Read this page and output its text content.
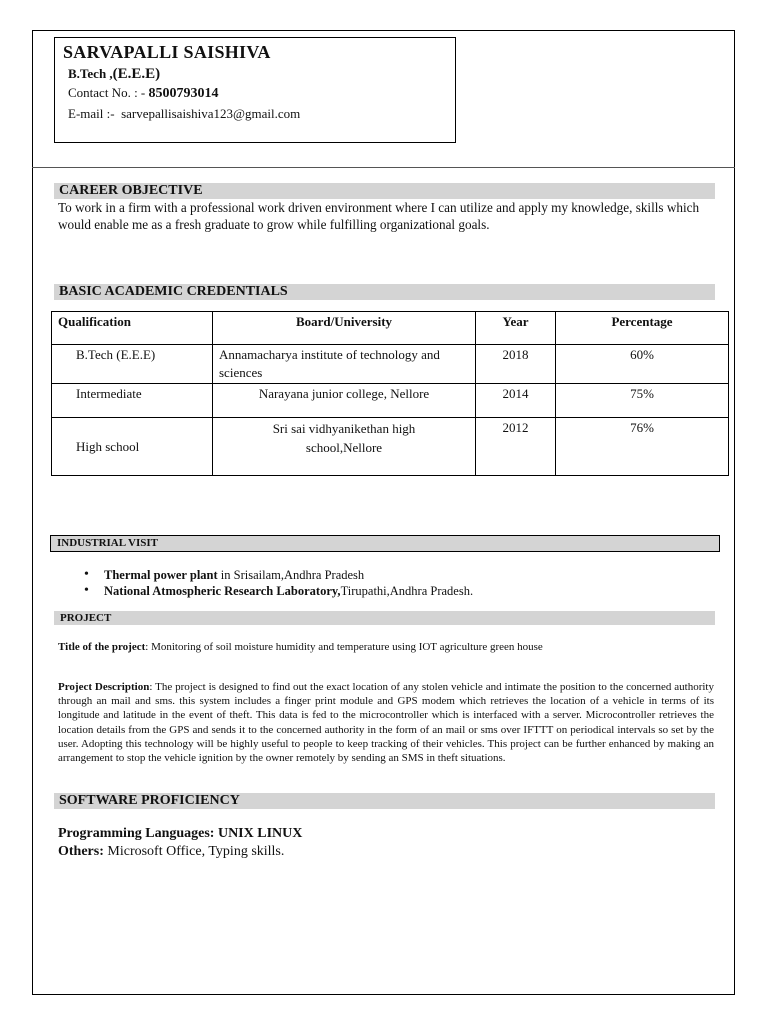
SARVAPALLI SAISHIVA
B.Tech ,(E.E.E)
Contact No. : - 8500793014
E-mail :- sarvepallisaishiva123@gmail.com
CAREER OBJECTIVE
To work in a firm with a professional work driven environment where I can utilize and apply my knowledge, skills which would enable me as a fresh graduate to grow while fulfilling organizational goals.
BASIC ACADEMIC CREDENTIALS
Qualification	Board/University	Year	Percentage
B.Tech (E.E.E)	Annamacharya institute of technology and sciences	2018	60%
Intermediate	Narayana junior college, Nellore	2014	75%
High school	Sri sai vidhyanikethan high school,Nellore	2012	76%
INDUSTRIAL VISIT
• Thermal power plant in Srisailam,Andhra Pradesh
• National Atmospheric Research Laboratory,Tirupathi,Andhra Pradesh.
PROJECT
Title of the project: Monitoring of soil moisture humidity and temperature using IOT agriculture green house
Project Description: The project is designed to find out the exact location of any stolen vehicle and intimate the position to the concerned authority through an mail and sms. this system includes a finger print module and GPS modem which retrieves the location of a vehicle in terms of its longitude and latitude in the event of theft. This data is fed to the microcontroller which is interfaced with a server. Microcontroller retrieves the location details from the GPS and sends it to the concerned authority in the form of an mail or sms over IFTTT on periodical intervals so set by the user. Adopting this technology will be highly useful to people to keep tracking of their vehicles. This project can be further enhanced by making an arrangement to stop the vehicle ignition by the owner remotely by sending an SMS in theft situations.
SOFTWARE PROFICIENCY
Programming Languages: UNIX LINUX
Others: Microsoft Office, Typing skills.
